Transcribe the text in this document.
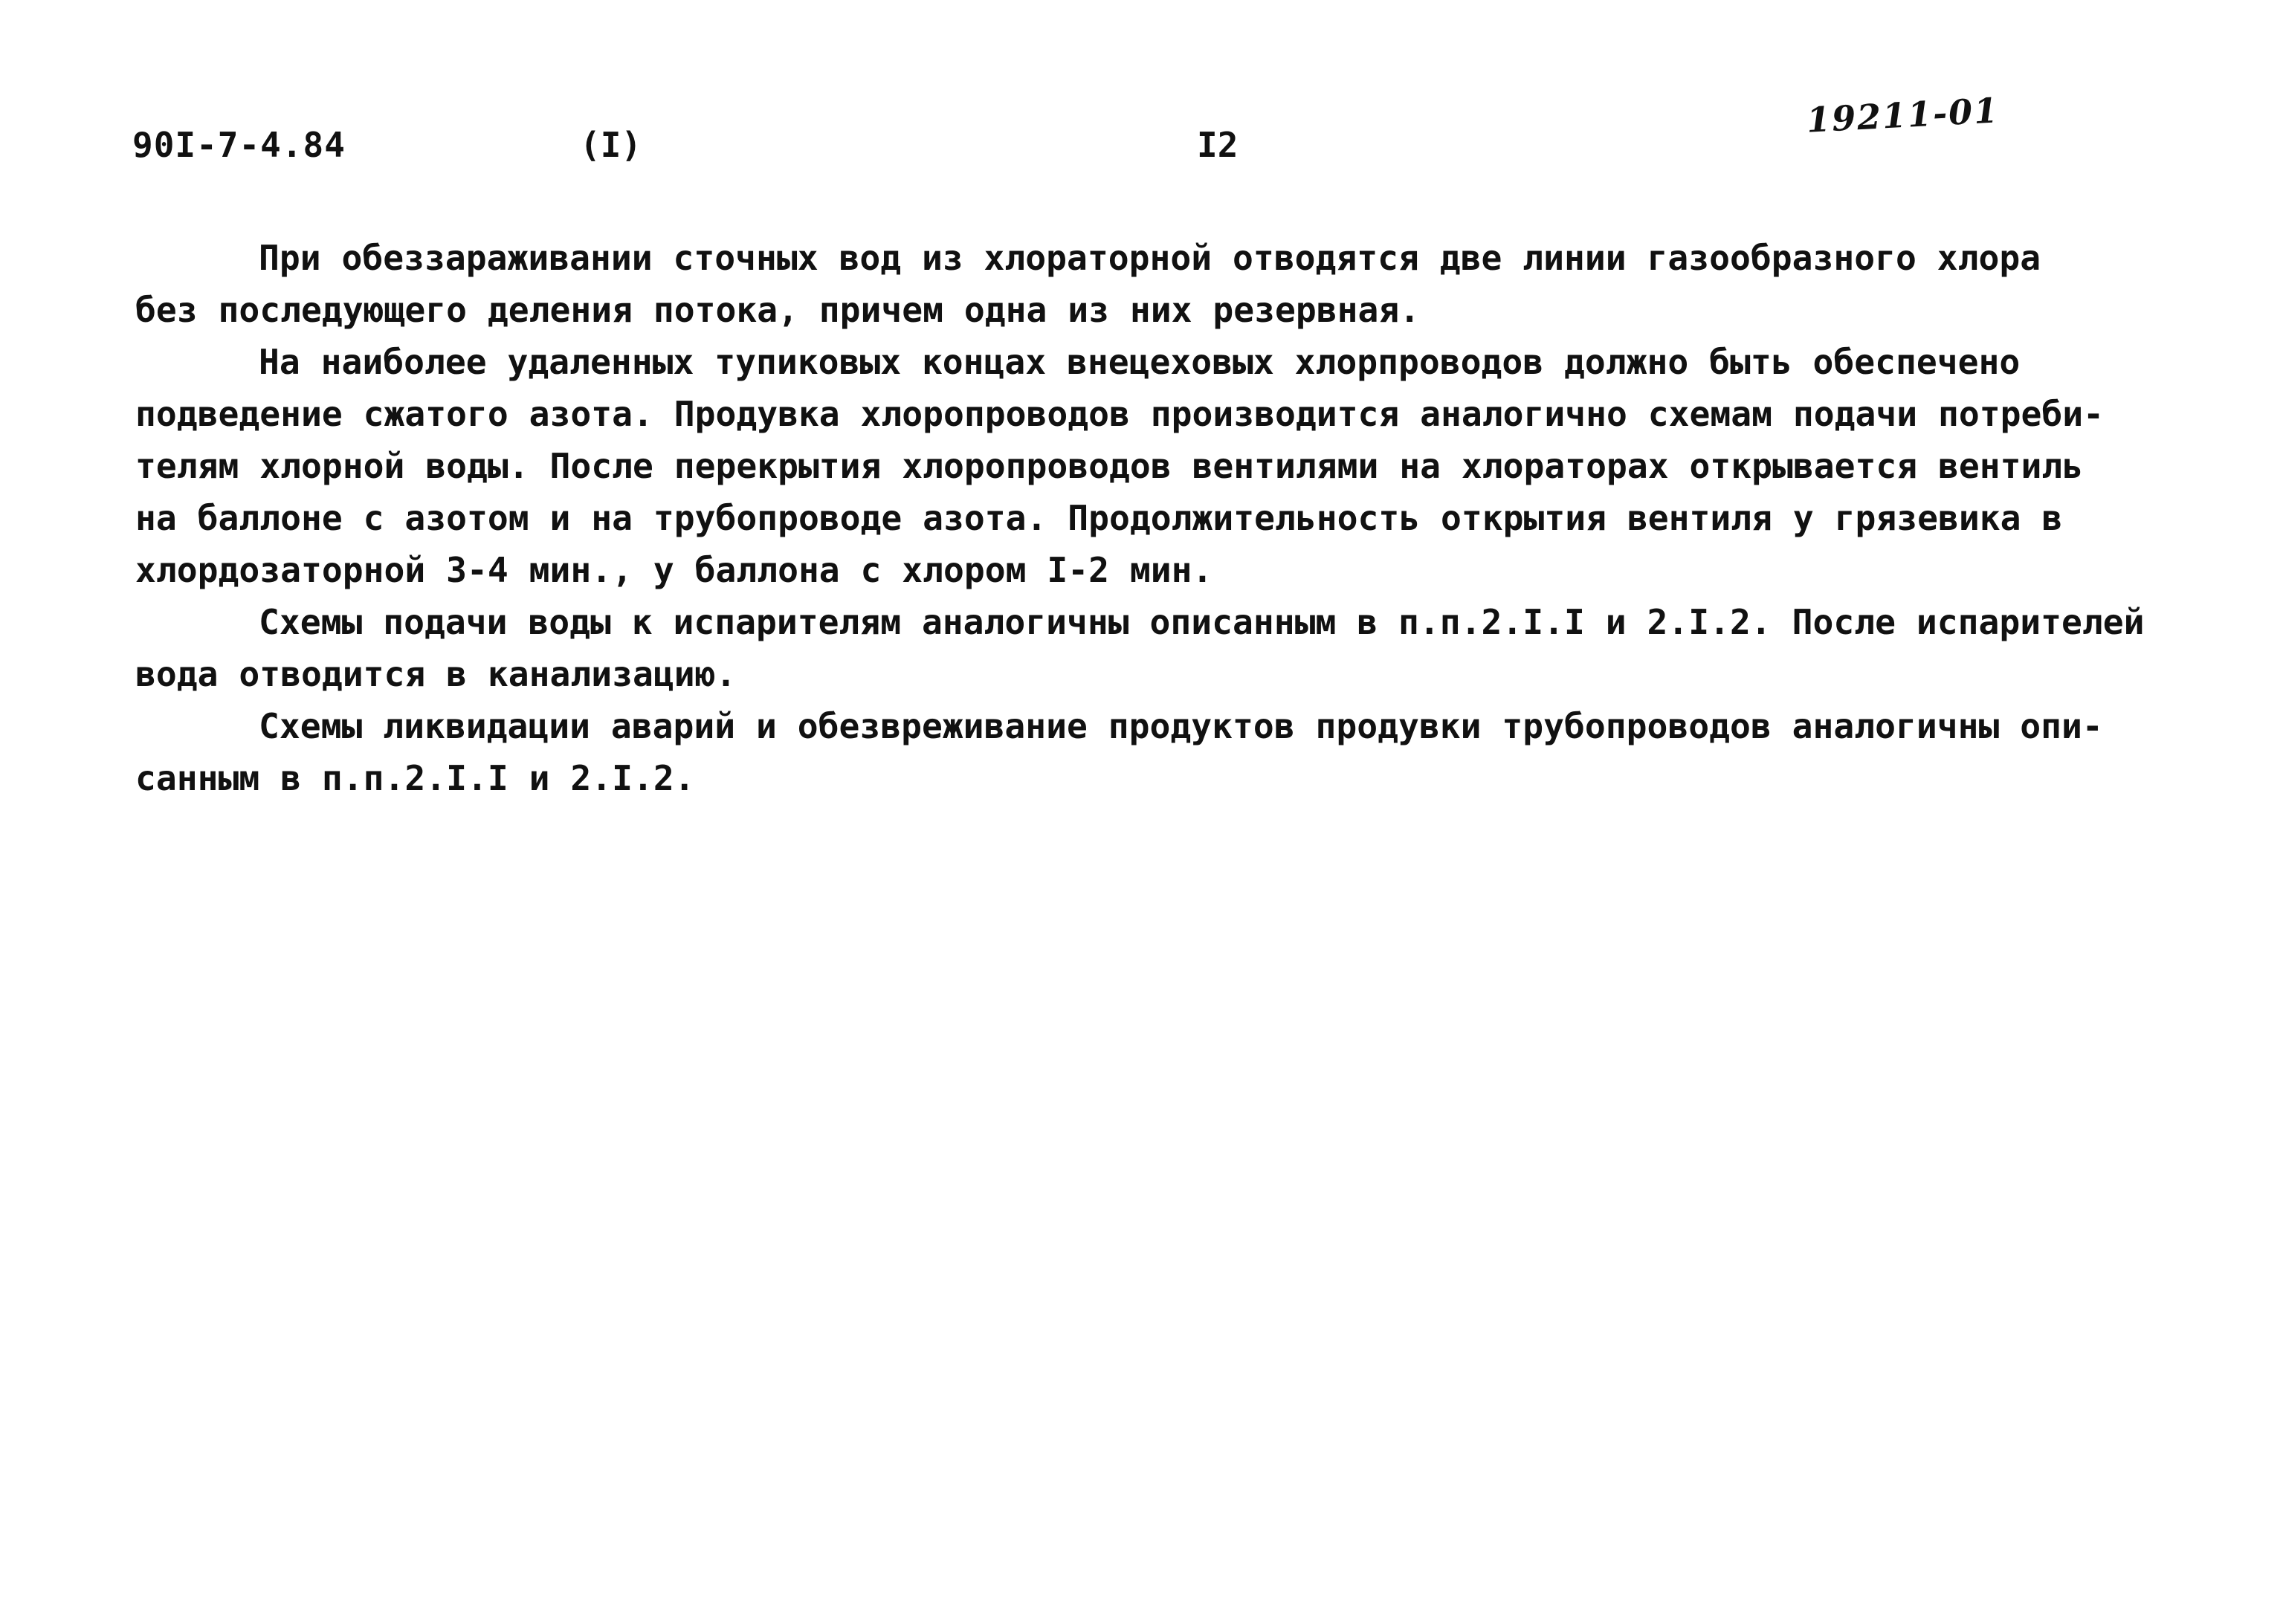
90I-7-4.84	(I)	I2
19211-01

При обеззараживании сточных вод из хлораторной отводятся две линии газообразного хлора
без последующего деления потока, причем одна из них резервная.

На наиболее удаленных тупиковых концах внецеховых хлорпроводов должно быть обеспечено
подведение сжатого азота. Продувка хлоропроводов производится аналогично схемам подачи потреби-
телям хлорной воды. После перекрытия хлоропроводов вентилями на хлораторах открывается вентиль
на баллоне с азотом и на трубопроводе азота. Продолжительность открытия вентиля у грязевика в
хлордозаторной 3-4 мин., у баллона с хлором I-2 мин.

Схемы подачи воды к испарителям аналогичны описанным в п.п.2.I.I и 2.I.2. После испарителей
вода отводится в канализацию.

Схемы ликвидации аварий и обезвреживание продуктов продувки трубопроводов аналогичны опи-
санным в п.п.2.I.I и 2.I.2.
